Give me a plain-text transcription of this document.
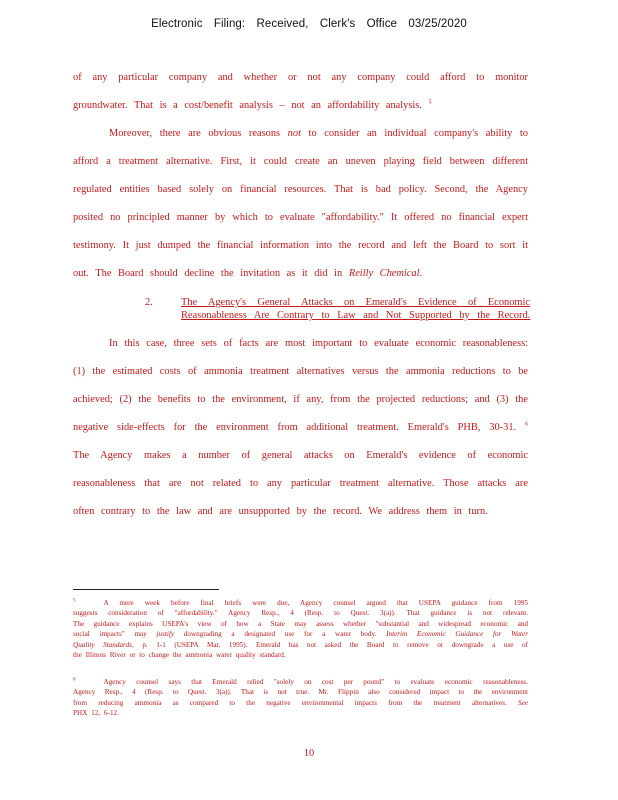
Electronic Filing: Received, Clerk's Office 03/25/2020
of any particular company and whether or not any company could afford to monitor
groundwater. That is a cost/benefit analysis – not an affordability analysis. $^5$
Moreover, there are obvious reasons not to consider an individual company's ability to
afford a treatment alternative. First, it could create an uneven playing field between different
regulated entities based solely on financial resources. That is bad policy. Second, the Agency
posited no principled manner by which to evaluate "affordability." It offered no financial expert
testimony. It just dumped the financial information into the record and left the Board to sort it
out. The Board should decline the invitation as it did in Reilly Chemical.
2.	The Agency's General Attacks on Emerald's Evidence of Economic
Reasonableness Are Contrary to Law and Not Supported by the Record.
In this case, three sets of facts are most important to evaluate economic reasonableness:
(1) the estimated costs of ammonia treatment alternatives versus the ammonia reductions to be
achieved; (2) the benefits to the environment, if any, from the projected reductions; and (3) the
negative side-effects for the environment from additional treatment. Emerald's PHB, 30-31. $^6$
The Agency makes a number of general attacks on Emerald's evidence of economic
reasonableness that are not related to any particular treatment alternative. Those attacks are
often contrary to the law and are unsupported by the record. We address them in turn.
$^5$	A mere week before final briefs were due, Agency counsel argued that USEPA guidance from 1995
suggests consideration of "affordability." Agency Resp., 4 (Resp. to Quest. 3(a)). That guidance is not relevant.
The guidance explains USEPA's view of how a State may assess whether "substantial and widespread economic and
social impacts" may justify downgrading a designated use for a water body. Interim Economic Guidance for Water
Quality Standards, p. 1-1 (USEPA Mar. 1995). Emerald has not asked the Board to remove or downgrade a use of
the Illinois River or to change the ammonia water quality standard.
$^6$	Agency counsel says that Emerald relied "solely on cost per pound" to evaluate economic reasonableness.
Agency Resp., 4 (Resp. to Quest. 3(a)). That is not true. Mr. Flippin also considered impact to the environment
from reducing ammonia as compared to the negative environmental impacts from the treatment alternatives. See
PHX 12, 6-12.
10
